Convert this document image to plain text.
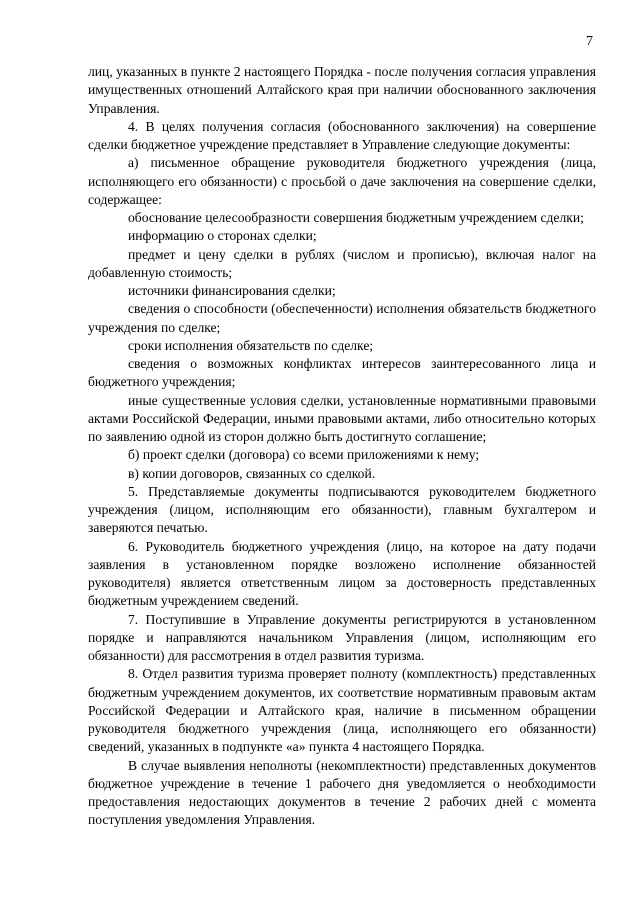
7

лиц, указанных в пункте 2 настоящего Порядка - после получения согласия управления имущественных отношений Алтайского края при наличии обоснованного заключения Управления.

4. В целях получения согласия (обоснованного заключения) на совершение сделки бюджетное учреждение представляет в Управление следующие документы:

а) письменное обращение руководителя бюджетного учреждения (лица, исполняющего его обязанности) с просьбой о даче заключения на совершение сделки, содержащее:

обоснование целесообразности совершения бюджетным учреждением сделки;

информацию о сторонах сделки;

предмет и цену сделки в рублях (числом и прописью), включая налог на добавленную стоимость;

источники финансирования сделки;

сведения о способности (обеспеченности) исполнения обязательств бюджетного учреждения по сделке;

сроки исполнения обязательств по сделке;

сведения о возможных конфликтах интересов заинтересованного лица и бюджетного учреждения;

иные существенные условия сделки, установленные нормативными правовыми актами Российской Федерации, иными правовыми актами, либо относительно которых по заявлению одной из сторон должно быть достигнуто соглашение;

б) проект сделки (договора) со всеми приложениями к нему;

в) копии договоров, связанных со сделкой.

5. Представляемые документы подписываются руководителем бюджетного учреждения (лицом, исполняющим его обязанности), главным бухгалтером и заверяются печатью.

6. Руководитель бюджетного учреждения (лицо, на которое на дату подачи заявления в установленном порядке возложено исполнение обязанностей руководителя) является ответственным лицом за достоверность представленных бюджетным учреждением сведений.

7. Поступившие в Управление документы регистрируются в установленном порядке и направляются начальником Управления (лицом, исполняющим его обязанности) для рассмотрения в отдел развития туризма.

8. Отдел развития туризма проверяет полноту (комплектность) представленных бюджетным учреждением документов, их соответствие нормативным правовым актам Российской Федерации и Алтайского края, наличие в письменном обращении руководителя бюджетного учреждения (лица, исполняющего его обязанности) сведений, указанных в подпункте «а» пункта 4 настоящего Порядка.

В случае выявления неполноты (некомплектности) представленных документов бюджетное учреждение в течение 1 рабочего дня уведомляется о необходимости предоставления недостающих документов в течение 2 рабочих дней с момента поступления уведомления Управления.
